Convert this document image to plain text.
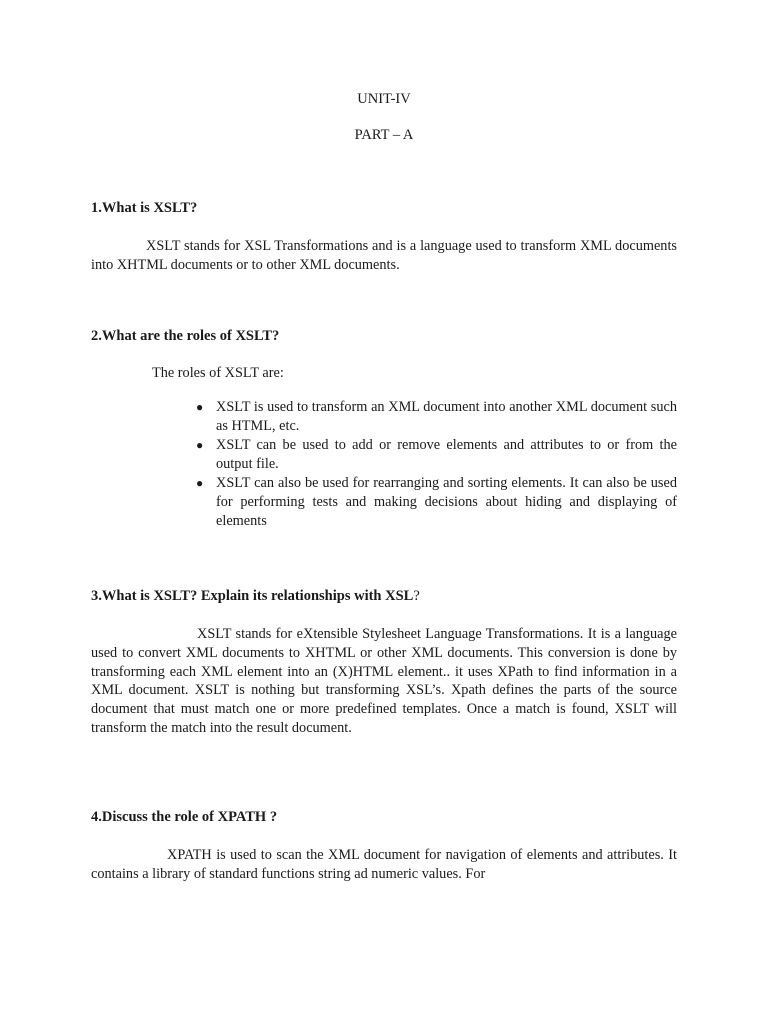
UNIT-IV
PART – A
1.What is XSLT?

XSLT stands for XSL Transformations and is a language used to transform XML documents into XHTML documents or to other XML documents.

2.What are the roles of XSLT?
The roles of XSLT are:
● XSLT is used to transform an XML document into another XML document such as HTML, etc.
● XSLT can be used to add or remove elements and attributes to or from the output file.
● XSLT can also be used for rearranging and sorting elements. It can also be used for performing tests and making decisions about hiding and displaying of elements
3.What is XSLT? Explain its relationships with XSL?

XSLT stands for eXtensible Stylesheet Language Transformations. It is a language used to convert XML documents to XHTML or other XML documents. This conversion is done by transforming each XML element into an (X)HTML element.. it uses XPath to find information in a XML document. XSLT is nothing but transforming XSL’s. Xpath defines the parts of the source document that must match one or more predefined templates. Once a match is found, XSLT will transform the match into the result document.

4.Discuss the role of XPATH ?

XPATH is used to scan the XML document for navigation of elements and attributes. It contains a library of standard functions string ad numeric values. For
